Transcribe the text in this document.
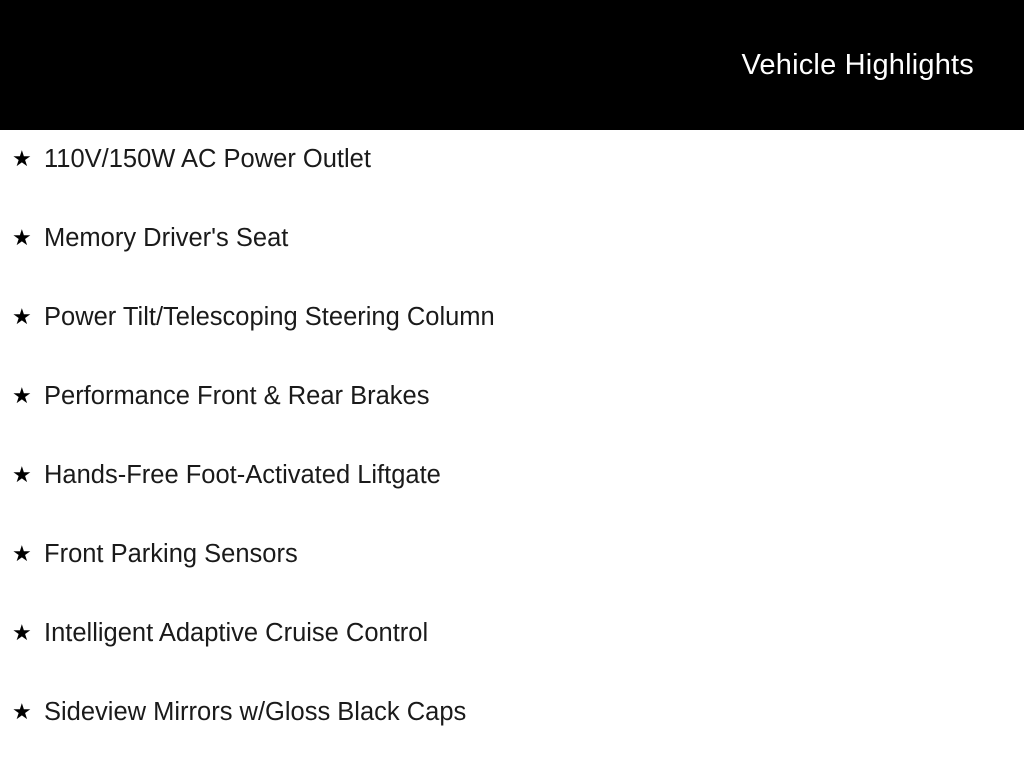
Vehicle Highlights
★ 110V/150W AC Power Outlet
★ Memory Driver's Seat
★ Power Tilt/Telescoping Steering Column
★ Performance Front & Rear Brakes
★ Hands-Free Foot-Activated Liftgate
★ Front Parking Sensors
★ Intelligent Adaptive Cruise Control
★ Sideview Mirrors w/Gloss Black Caps
